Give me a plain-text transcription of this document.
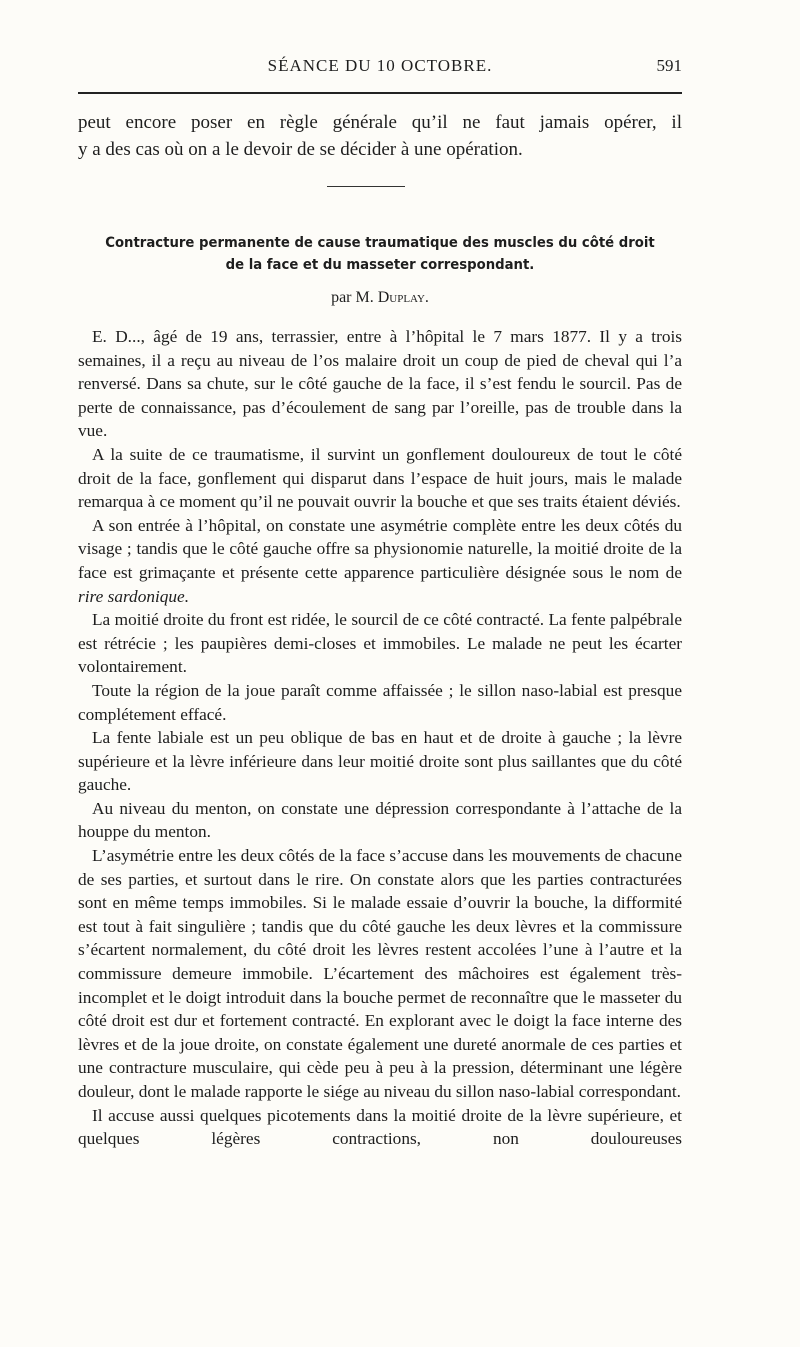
SÉANCE DU 10 OCTOBRE.	591

peut encore poser en règle générale qu’il ne faut jamais opérer, il

y a des cas où on a le devoir de se décider à une opération.

Contracture permanente de cause traumatique des muscles du côté droit
de la face et du masseter correspondant.
par M. Duplay.

E. D..., âgé de 19 ans, terrassier, entre à l’hôpital le 7 mars 1877. Il y a trois semaines, il a reçu au niveau de l’os malaire droit un coup de pied de cheval qui l’a renversé. Dans sa chute, sur le côté gauche de la face, il s’est fendu le sourcil. Pas de perte de connaissance, pas d’écoulement de sang par l’oreille, pas de trouble dans la vue.

A la suite de ce traumatisme, il survint un gonflement douloureux de tout le côté droit de la face, gonflement qui disparut dans l’espace de huit jours, mais le malade remarqua à ce moment qu’il ne pouvait ouvrir la bouche et que ses traits étaient déviés.

A son entrée à l’hôpital, on constate une asymétrie complète entre les deux côtés du visage ; tandis que le côté gauche offre sa physionomie naturelle, la moitié droite de la face est grimaçante et présente cette apparence particulière désignée sous le nom de rire sardonique.

La moitié droite du front est ridée, le sourcil de ce côté contracté. La fente palpébrale est rétrécie ; les paupières demi-closes et immobiles. Le malade ne peut les écarter volontairement.

Toute la région de la joue paraît comme affaissée ; le sillon naso-labial est presque complétement effacé.

La fente labiale est un peu oblique de bas en haut et de droite à gauche ; la lèvre supérieure et la lèvre inférieure dans leur moitié droite sont plus saillantes que du côté gauche.

Au niveau du menton, on constate une dépression correspondante à l’attache de la houppe du menton.

L’asymétrie entre les deux côtés de la face s’accuse dans les mouvements de chacune de ses parties, et surtout dans le rire. On constate alors que les parties contracturées sont en même temps immobiles. Si le malade essaie d’ouvrir la bouche, la difformité est tout à fait singulière ; tandis que du côté gauche les deux lèvres et la commissure s’écartent normalement, du côté droit les lèvres restent accolées l’une à l’autre et la commissure demeure immobile. L’écartement des mâchoires est également très-incomplet et le doigt introduit dans la bouche permet de reconnaître que le masseter du côté droit est dur et fortement contracté. En explorant avec le doigt la face interne des lèvres et de la joue droite, on constate également une dureté anormale de ces parties et une contracture musculaire, qui cède peu à peu à la pression, déterminant une légère douleur, dont le malade rapporte le siége au niveau du sillon naso-labial correspondant.

Il accuse aussi quelques picotements dans la moitié droite de la lèvre supérieure, et quelques légères contractions, non douloureuses
